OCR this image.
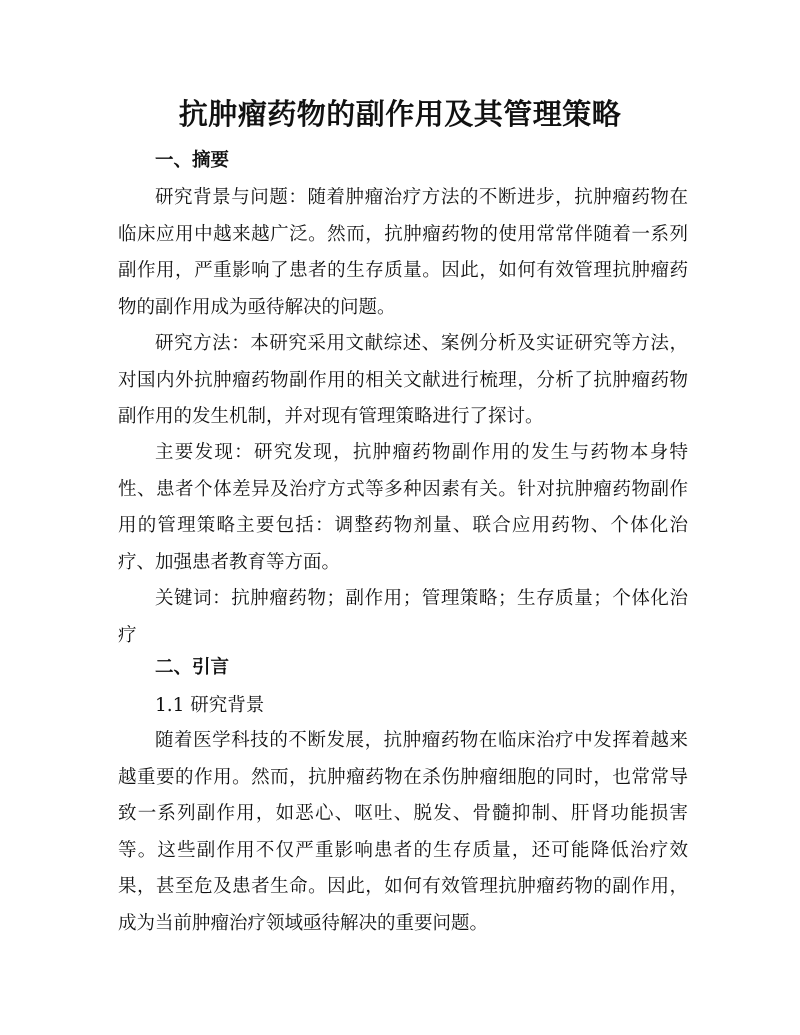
抗肿瘤药物的副作用及其管理策略
一、摘要
研究背景与问题：随着肿瘤治疗方法的不断进步，抗肿瘤药物在临床应用中越来越广泛。然而，抗肿瘤药物的使用常常伴随着一系列副作用，严重影响了患者的生存质量。因此，如何有效管理抗肿瘤药物的副作用成为亟待解决的问题。
研究方法：本研究采用文献综述、案例分析及实证研究等方法，对国内外抗肿瘤药物副作用的相关文献进行梳理，分析了抗肿瘤药物副作用的发生机制，并对现有管理策略进行了探讨。
主要发现：研究发现，抗肿瘤药物副作用的发生与药物本身特性、患者个体差异及治疗方式等多种因素有关。针对抗肿瘤药物副作用的管理策略主要包括：调整药物剂量、联合应用药物、个体化治疗、加强患者教育等方面。
关键词：抗肿瘤药物；副作用；管理策略；生存质量；个体化治疗
二、引言
1.1 研究背景
随着医学科技的不断发展，抗肿瘤药物在临床治疗中发挥着越来越重要的作用。然而，抗肿瘤药物在杀伤肿瘤细胞的同时，也常常导致一系列副作用，如恶心、呕吐、脱发、骨髓抑制、肝肾功能损害等。这些副作用不仅严重影响患者的生存质量，还可能降低治疗效果，甚至危及患者生命。因此，如何有效管理抗肿瘤药物的副作用，成为当前肿瘤治疗领域亟待解决的重要问题。
